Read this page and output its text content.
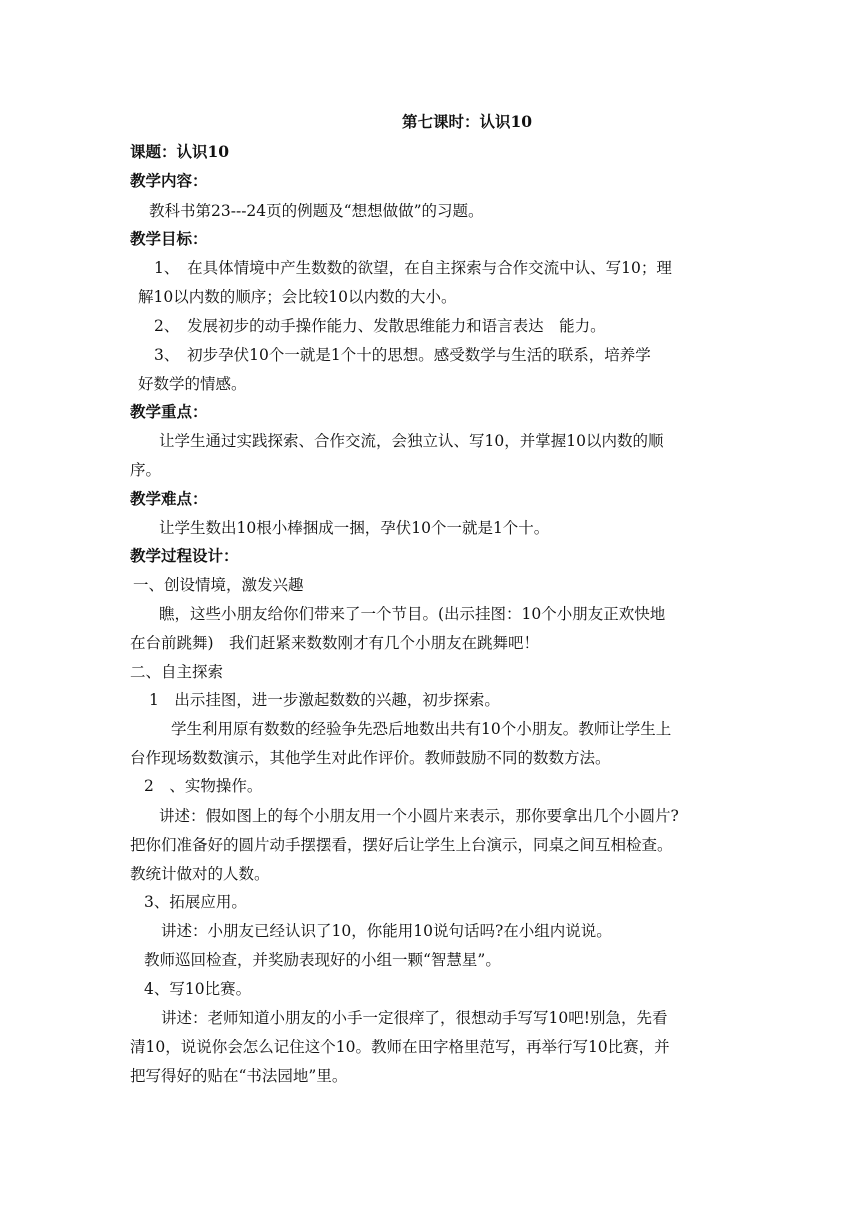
第七课时：认识10
课题：认识10
教学内容：
教科书第23---24页的例题及“想想做做”的习题。
教学目标：
1、　在具体情境中产生数数的欲望，在自主探索与合作交流中认、写10；理
解10以内数的顺序；会比较10以内数的大小。
2、　发展初步的动手操作能力、发散思维能力和语言表达　能力。
3、　初步孕伏10个一就是1个十的思想。感受数学与生活的联系，培养学
好数学的情感。
教学重点：
让学生通过实践探索、合作交流，会独立认、写10，并掌握10以内数的顺
序。
教学难点：
让学生数出10根小棒捆成一捆，孕伏10个一就是1个十。
教学过程设计：
一、创设情境，激发兴趣
瞧，这些小朋友给你们带来了一个节目。(出示挂图：10个小朋友正欢快地
在台前跳舞)　我们赶紧来数数刚才有几个小朋友在跳舞吧！
二、自主探索
1　出示挂图，进一步激起数数的兴趣，初步探索。
学生利用原有数数的经验争先恐后地数出共有10个小朋友。教师让学生上
台作现场数数演示，其他学生对此作评价。教师鼓励不同的数数方法。
2　、实物操作。
讲述：假如图上的每个小朋友用一个小圆片来表示，那你要拿出几个小圆片?
把你们准备好的圆片动手摆摆看，摆好后让学生上台演示，同桌之间互相检查。
教统计做对的人数。
3、拓展应用。
讲述：小朋友已经认识了10，你能用10说句话吗?在小组内说说。
教师巡回检查，并奖励表现好的小组一颗“智慧星”。
4、写10比赛。
讲述：老师知道小朋友的小手一定很痒了，很想动手写写10吧!别急，先看
清10，说说你会怎么记住这个10。教师在田字格里范写，再举行写10比赛，并
把写得好的贴在“书法园地”里。
